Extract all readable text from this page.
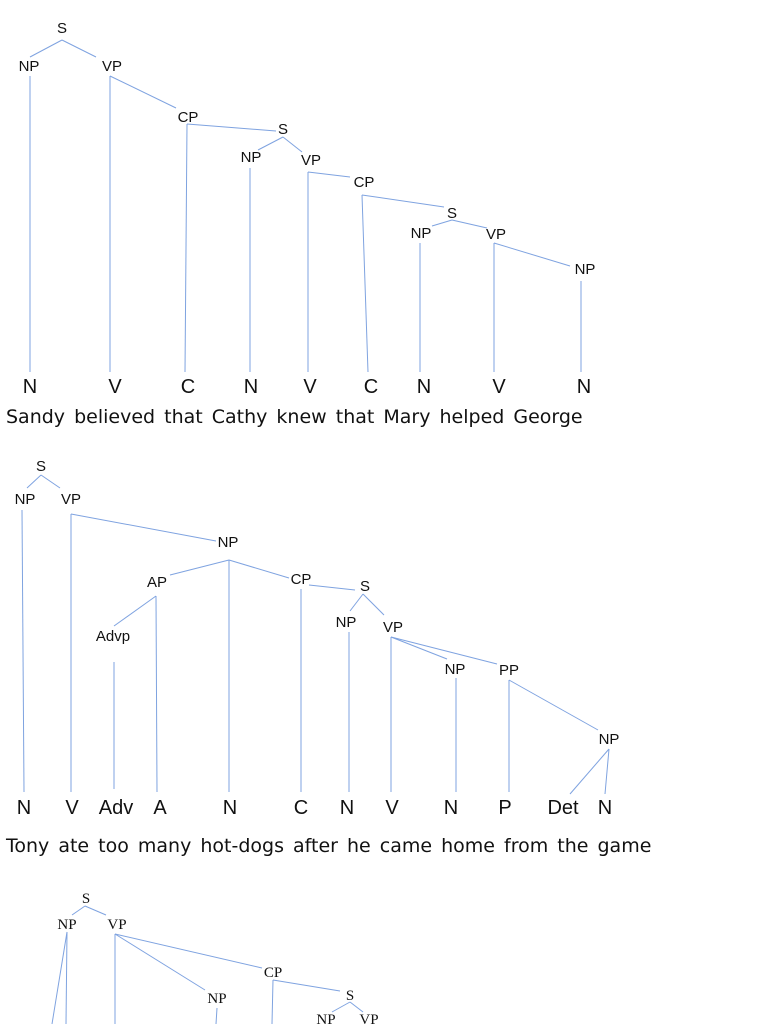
S
NP	VP
CP
S
NP	VP
CP
S
NP	VP
NP
N	V	C N V C N	V	N
Sandy believed that Cathy knew that Mary helped George
S
NP VP
NP
AP
Advp
CP	S
NP VP
NP PP
NP
N V Adv A	N	C N V N P Det N
Tony ate too many hot-dogs after he came home from the game
S
NP VP
CP
NP	S
NP VP
